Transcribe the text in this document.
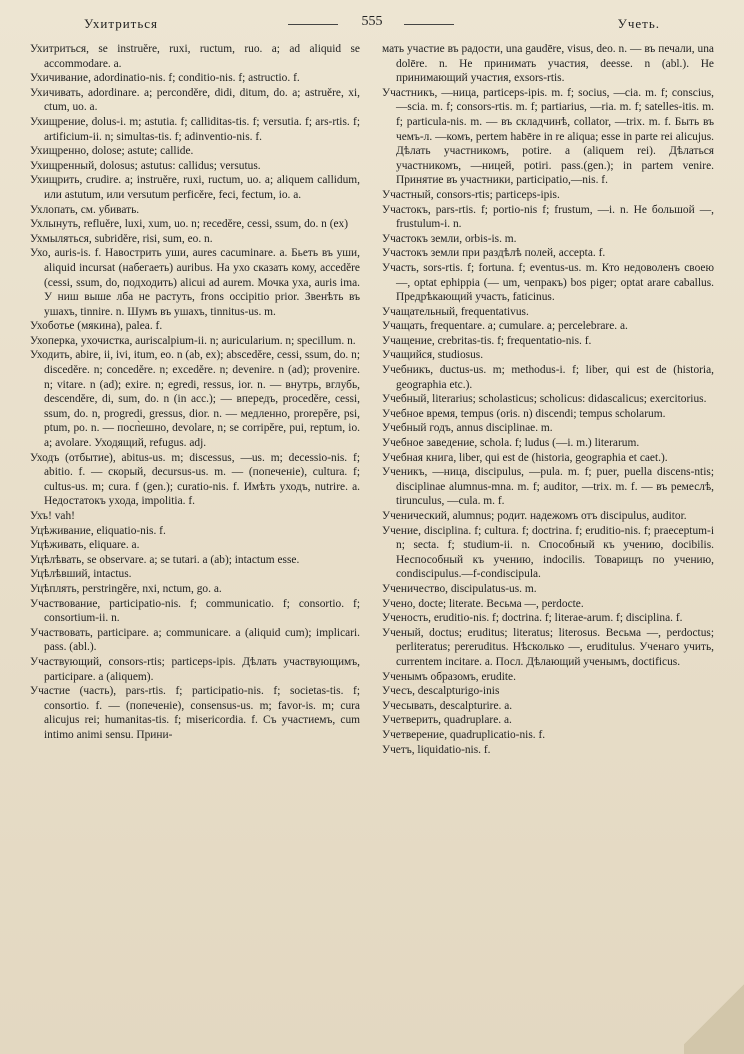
Ухитриться	555	Учеть.

Ухитриться, se instruĕre, ruxi, ructum, ruo. a; ad aliquid se accommodare. a.

Ухичивание, adordinatio-nis. f; conditio-nis. f; astructio. f.

Ухичивать, adordinare. a; perconděre, didi, ditum, do. a; astruěre, xi, ctum, uo. a.

Ухищрение, dolus-i. m; astutia. f; calliditas-tis. f; versutia. f; ars-rtis. f; artificium-ii. n; simultas-tis. f; adinventio-nis. f.

Ухищренно, dolose; astute; callide.

Ухищренный, dolosus; astutus: callidus; versutus.

Ухищрить, crudire. a; instruěre, ruxi, ructum, uo. a; aliquem callidum, или astutum, или versutum perficěre, feci, fectum, io. a.

Ухлопать, см. убивать.

Ухлынуть, refluěre, luxi, xum, uo. n; recedĕre, cessi, ssum, do. n (ex)

Ухмыляться, subridĕre, risi, sum, eo. n.

Ухо, auris-is. f. Навострить уши, aures caсuminare. a. Бьеть въ уши, aliquid incursat (набегаеть) auribus. На ухо сказать кому, accedĕre (cessi, ssum, do, подходить) alicui ad aurem. Мочка уха, auris ima. У ниш выше лба не растуть, frons occipitio prior. Звенѣть въ ушахъ, tinnire. n. Шумъ въ ушахъ, tinnitus-us. m.

Ухоботье (мякина), palea. f.

Ухоперка, ухочистка, auriscalpium-ii. n; auricularium. n; specillum. n.

Уходить, abire, ii, ivi, itum, eo. n (ab, ex); abscedĕre, cessi, ssum, do. n; discedĕre. n; concedĕre. n; excedĕre. n; devenire. n (ad); provenire. n; vitare. n (ad); exire. n; egredi, ressus, ior. n. — внутрь, вглубь, descendĕre, di, sum, do. n (in acc.); — впередъ, procedĕre, cessi, ssum, do. n, progredi, gressus, dior. n. — медленно, prorepĕre, psi, ptum, po. n. — посп̀ешно, devolare, n; se corripĕre, pui, reptum, io. a; avolare. Уходящий, refugus. adj.

Уходъ (отбытие), abitus-us. m; discessus, —us. m; decessio-nis. f; abitio. f. — скорый, decursus-us. m. — (попеченіе), cultura. f; cultus-us. m; cura. f (gen.); curatio-nis. f. Имѣть уходъ, nutrire. a. Недостатокъ ухода, impolitia. f.

Ухъ! vah!

Уцѣживание, eliquatio-nis. f.

Уцѣживать, eliquare. a.

Уцѣлѣвать, se observare. a; se tutari. a (ab); intactum esse.

Уцѣлѣвший, intactus.

Уцѣплять, perstringĕre, nxi, nctum, go. a.

Участвование, participatio-nis. f; communicatio. f; consortio. f; consortium-ii. n.

Участвовать, participare. a; communicare. a (aliquid cum); implicari. pass. (abl.).

Участвующий, consors-rtis; particeps-ipis. Дѣлать участвующимъ, participare. a (aliquem).

Участие (часть), pars-rtis. f; participatio-nis. f; societas-tis. f; consortio. f. — (попеченіе), consensus-us. m; favor-is. m; cura alicujus rei; humanitas-tis. f; misericordia. f. Съ участиемъ, cum intimo animi sensu. Прини-

мать участие въ радости, una gaudēre, visus, deo. n. — въ печали, una dolēre. n. Не принимать участия, deesse. n (abl.). Не принимающий участия, exsors-rtis.

Участникъ, —ница, particeps-ipis. m. f; socius, —cia. m. f; conscius, —scia. m. f; consors-rtis. m. f; partiarius, —ria. m. f; satelles-itis. m. f; particula-nis. m. — въ складчинѣ, collator, —trix. m. f. Быть въ чемъ-л. —комъ, pertem habēre in re aliqua; esse in parte rei alicujus. Дѣлать участникомъ, potire. a (aliquem rei). Дѣлаться участникомъ, —ницей, potiri. pass.(gen.); in partem venire. Принятие въ участники, participatio,—nis. f.

Участный, consors-rtis; particeps-ipis.

Участокъ, pars-rtis. f; portio-nis f; frustum, —i. n. Не большой —, frustulum-i. n.

Участокъ земли, orbis-is. m.

Участокъ земли при раздѣлѣ полей, accepta. f.

Участь, sors-rtis. f; fortuna. f; eventus-us. m. Кто недоволенъ своею —, optat ephippia (— um, чепракъ) bos piger; optat arare caballus. Предрѣкающий участь, faticinus.

Учащательный, frequentativus.

Учащать, frequentare. a; cumulare. a; percelebrare. a.

Учащение, crebritas-tis. f; frequentatio-nis. f.

Учащийся, studiosus.

Учебникъ, ductus-us. m; methodus-i. f; liber, qui est de (historia, geographia etc.).

Учебный, literarius; scholasticus; scholicus: didascalicus; exercitorius.

Учебное время, tempus (oris. n) discendi; tempus scholarum.

Учебный годъ, annus disciplinae. m.

Учебное заведение, schola. f; ludus (—i. m.) literarum.

Учебная книга, liber, qui est de (historia, geographia et caet.).

Ученикъ, —ница, discipulus, —pula. m. f; puer, puella discens-ntis; disciplinae alumnus-mna. m. f; auditor, —trix. m. f. — въ ремеслѣ, tirunculus, —cula. m. f.

Ученический, alumnus; родит. надежомъ отъ discipulus, auditor.

Учение, disciplina. f; cultura. f; doctrina. f; eruditio-nis. f; praeceptum-i n; secta. f; studium-ii. n. Способный къ учению, docibilis. Неспособный къ учению, indocilis. Товарищъ по учению, condiscipulus.—f-condiscipula.

Ученичество, discipulatus-us. m.

Учено, docte; literate. Весьма —, perdocte.

Ученость, eruditio-nis. f; doctrina. f; literae-arum. f; disciplina. f.

Ученый, doctus; eruditus; literatus; literosus. Весьма —, perdoctus; perliteratus; pereruditus. Нѣсколько —, eruditulus. Ученаго учить, currentem incitare. a. Посл. Дѣлающий ученымъ, doctificus.

Ученымъ образомъ, erudite.

Учесъ, descalpturigo-inis

Учесывать, descalpturire. a.

Учетверить, quadruplare. a.

Учетверение, quadruplicatio-nis. f.

Учетъ, liquidatio-nis. f.
